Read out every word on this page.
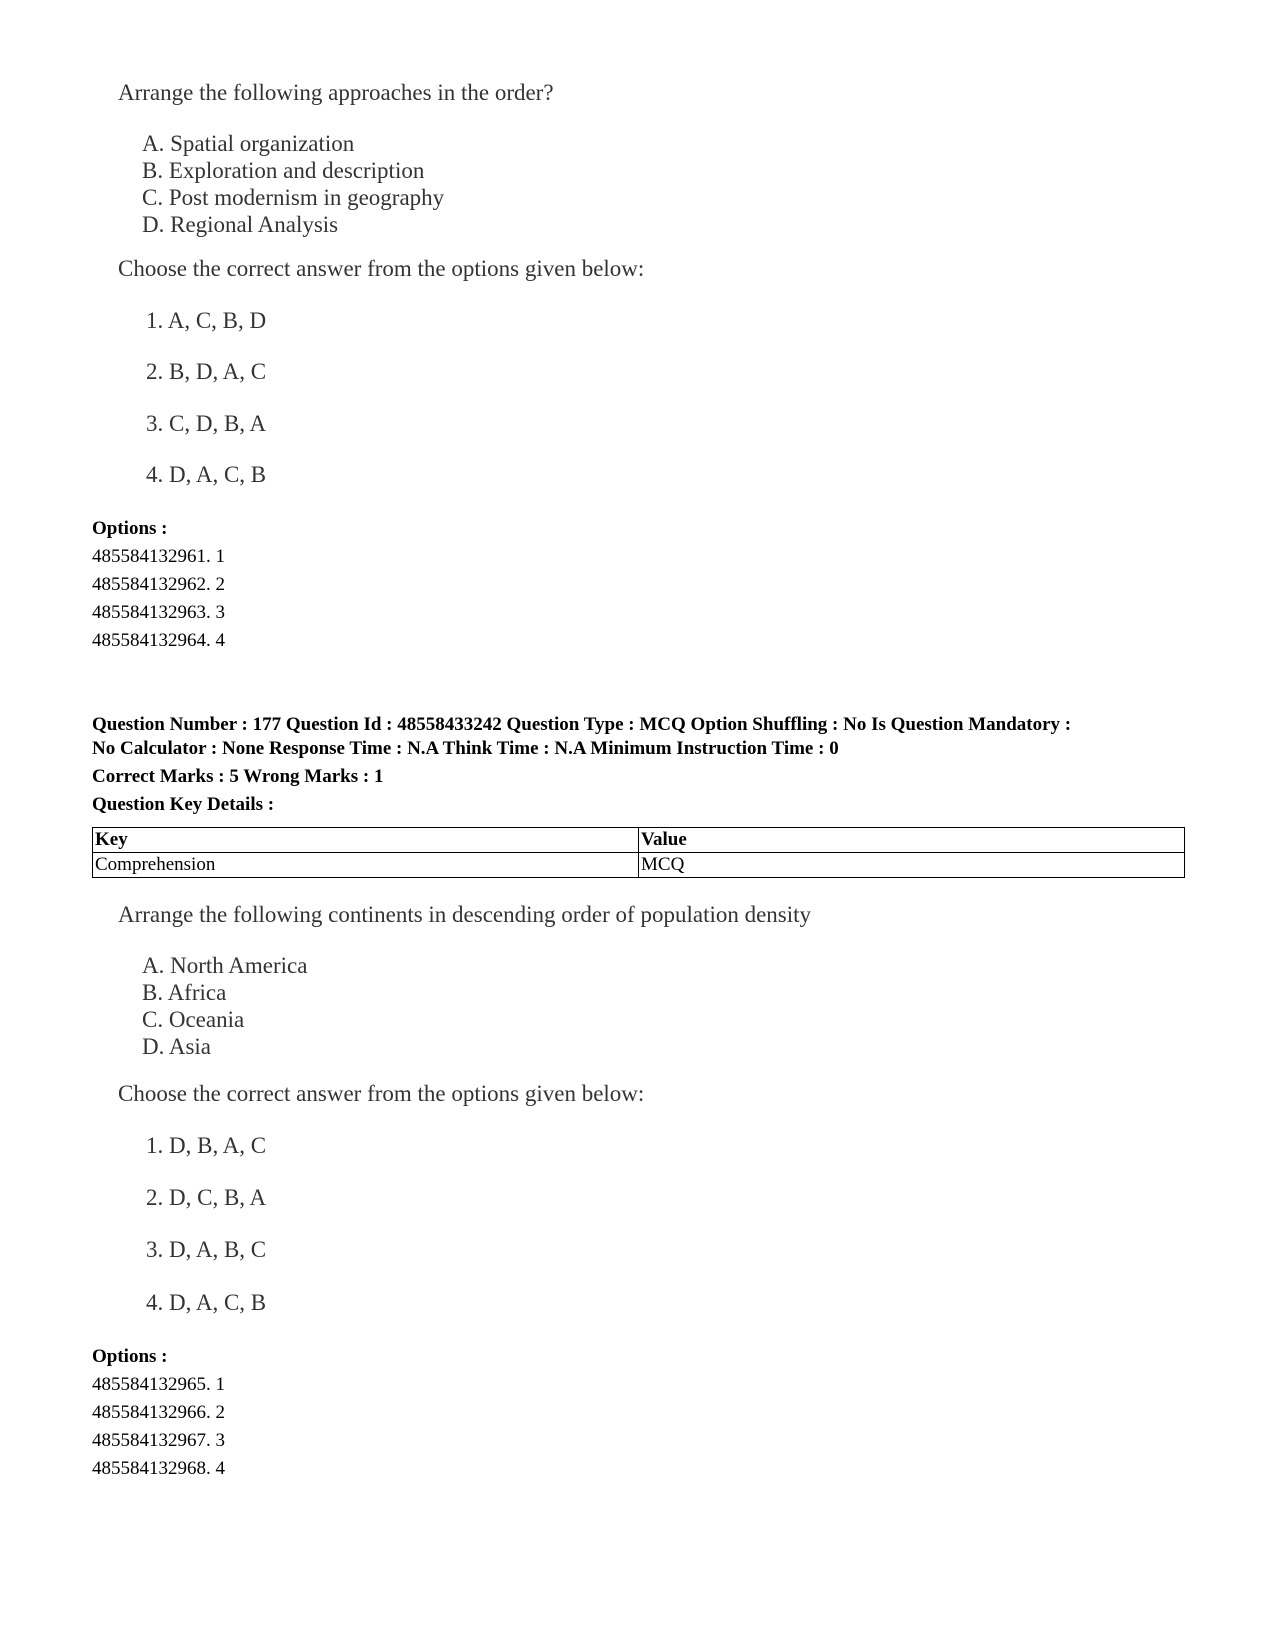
Arrange the following approaches in the order?
A. Spatial organization
B. Exploration and description
C. Post modernism in geography
D. Regional Analysis
Choose the correct answer from the options given below:
1. A, C, B, D
2. B, D, A, C
3. C, D, B, A
4. D, A, C, B
Options :
485584132961. 1
485584132962. 2
485584132963. 3
485584132964. 4
Question Number : 177 Question Id : 48558433242 Question Type : MCQ Option Shuffling : No Is Question Mandatory :
No Calculator : None Response Time : N.A Think Time : N.A Minimum Instruction Time : 0
Correct Marks : 5 Wrong Marks : 1
Question Key Details :
Key	Value
Comprehension	MCQ
Arrange the following continents in descending order of population density
A. North America
B. Africa
C. Oceania
D. Asia
Choose the correct answer from the options given below:
1. D, B, A, C
2. D, C, B, A
3. D, A, B, C
4. D, A, C, B
Options :
485584132965. 1
485584132966. 2
485584132967. 3
485584132968. 4
